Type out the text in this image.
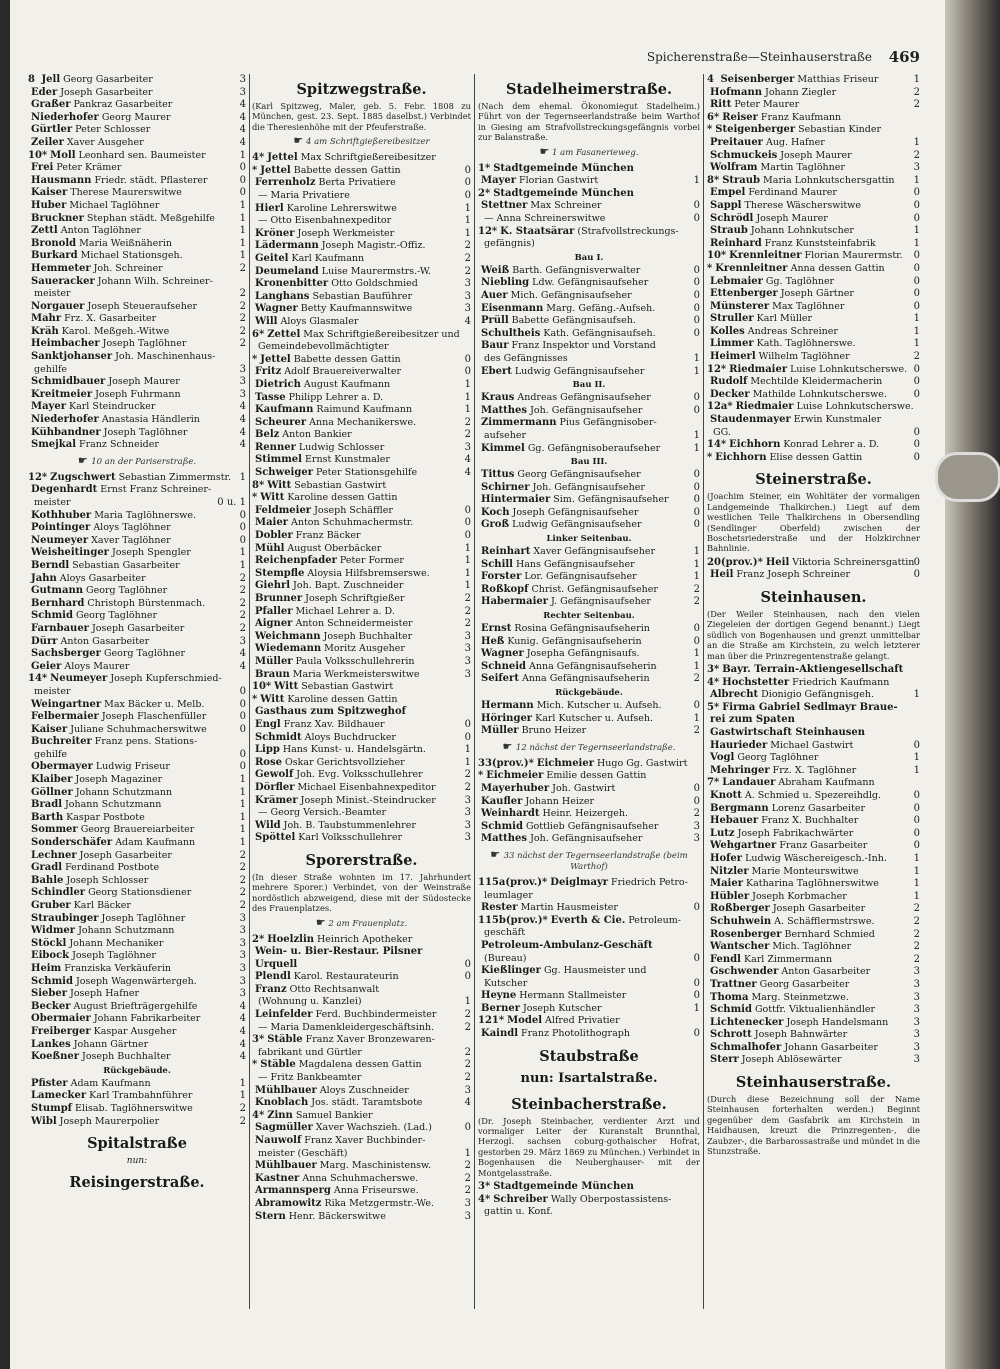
Spicherenstraße—Steinhauserstraße 469
8 Jell Georg Gasarbeiter	3
Eder Joseph Gasarbeiter	3
Graßer Pankraz Gasarbeiter	4
Niederhofer Georg Maurer	4
Gürtler Peter Schlosser	4
Zeiler Xaver Ausgeher	4
10* Moll Leonhard sen. Baumeister	1
Frei Peter Krämer	0
Hausmann Friedr. städt. Pflasterer	0
Kaiser Therese Maurerswitwe	0
Huber Michael Taglöhner	1
Bruckner Stephan städt. Meßgehilfe 1
Zettl Anton Taglöhner	1
Bronold Maria Weißnäherin	1
Burkard Michael Stationsgeh.	1
Hemmeter Joh. Schreiner	2
Saueracker Johann Wilh. Schreiner-
meister	2
Norgauer Joseph Steueraufseher	2
Mahr Frz. X. Gasarbeiter	2
Kräh Karol. Meßgeh.-Witwe	2
Heimbacher Joseph Taglöhner	2
Sanktjohanser Joh. Maschinenhaus-
gehilfe	3
Schmidbauer Joseph Maurer	3
Kreitmeier Joseph Fuhrmann	3
Mayer Karl Steindrucker	4
Niederhofer Anastasia Händlerin	4
Kühbandner Joseph Taglöhner	4
Smejkal Franz Schneider	4
☛ 10 an der Pariserstraße.
12* Zugschwert Sebastian Zimmermstr. 1
Degenhardt Ernst Franz Schreiner-
meister	0 u. 1
Kothhuber Maria Taglöhnerswe.	0
Pointinger Aloys Taglöhner	0
Neumeyer Xaver Taglöhner	0
Weisheitinger Joseph Spengler	1
Berndl Sebastian Gasarbeiter	1
Jahn Aloys Gasarbeiter	2
Gutmann Georg Taglöhner	2
Bernhard Christoph Bürstenmach.	2
Schmid Georg Taglöhner	2
Farnbauer Joseph Gasarbeiter	2
Dürr Anton Gasarbeiter	3
Sachsberger Georg Taglöhner	4
Geier Aloys Maurer	4
14* Neumeyer Joseph Kupferschmied-
meister	0
Weingartner Max Bäcker u. Melb.	0
Felbermaier Joseph Flaschenfüller	0
Kaiser Juliane Schuhmacherswitwe	0
Buchreiter Franz pens. Stations-
gehilfe	0
Obermayer Ludwig Friseur	0
Klaiber Joseph Magaziner	1
Göllner Johann Schutzmann	1
Bradl Johann Schutzmann	1
Barth Kaspar Postbote	1
Sommer Georg Brauereiarbeiter	1
Sonderschäfer Adam Kaufmann	1
Lechner Joseph Gasarbeiter	2
Gradl Ferdinand Postbote	2
Bahle Joseph Schlosser	2
Schindler Georg Stationsdiener	2
Gruber Karl Bäcker	2
Straubinger Joseph Taglöhner	3
Widmer Johann Schutzmann	3
Stöckl Johann Mechaniker	3
Eibock Joseph Taglöhner	3
Heim Franziska Verkäuferin	3
Schmid Joseph Wagenwärtergeh.	3
Sieber Joseph Hafner	3
Becker August Briefträgergehilfe	4
Obermaier Johann Fabrikarbeiter	4
Freiberger Kaspar Ausgeher	4
Lankes Johann Gärtner	4
Koeßner Joseph Buchhalter	4
Rückgebäude.
Pfister Adam Kaufmann	1
Lamecker Karl Trambahnführer	1
Stumpf Elisab. Taglöhnerswitwe	2
Wibl Joseph Maurerpolier	2
Spitalstraße
nun:
Reisingerstraße.
Spitzwegstraße.
(Karl Spitzweg, Maler, geb. 5. Febr. 1808 zu München, gest. 23. Sept. 1885 daselbst.) Verbindet die Theresienhöhe mit der Pfeuferstraße.
☛ 4 am Schriftgießereibesitzer
4* Jettel Max Schriftgießereibesitzer
* Jettel Babette dessen Gattin	0
Ferrenholz Berta Privatiere	0
— Maria Privatiere	0
Hierl Karoline Lehrerswitwe	1
— Otto Eisenbahnexpeditor	1
Kröner Joseph Werkmeister	1
Lädermann Joseph Magistr.-Offiz.	2
Geitel Karl Kaufmann	2
Deumeland Luise Maurermstrs.-W.	2
Kronenbitter Otto Goldschmied	3
Langhans Sebastian Bauführer	3
Wagner Betty Kaufmannswitwe	3
Will Aloys Glasmaler	4
6* Zettel Max Schriftgießereibesitzer und
Gemeindebevollmächtigter
* Jettel Babette dessen Gattin	0
Fritz Adolf Brauereiverwalter	0
Dietrich August Kaufmann	1
Tasse Philipp Lehrer a. D.	1
Kaufmann Raimund Kaufmann	1
Scheurer Anna Mechanikerswe.	2
Belz Anton Bankier	2
Renner Ludwig Schlosser	3
Stimmel Ernst Kunstmaler	4
Schweiger Peter Stationsgehilfe	4
8* Witt Sebastian Gastwirt
* Witt Karoline dessen Gattin
Feldmeier Joseph Schäffler	0
Maier Anton Schuhmachermstr.	0
Dobler Franz Bäcker	0
Mühl August Oberbäcker	1
Reichenpfader Peter Former	1
Stempfle Aloysia Hilfsbremserswe.	1
Giehrl Joh. Bapt. Zuschneider	1
Brunner Joseph Schriftgießer	2
Pfaller Michael Lehrer a. D.	2
Aigner Anton Schneidermeister	2
Weichmann Joseph Buchhalter	3
Wiedemann Moritz Ausgeher	3
Müller Paula Volksschullehrerin	3
Braun Maria Werkmeisterswitwe	3
10* Witt Sebastian Gastwirt
* Witt Karoline dessen Gattin
Gasthaus zum Spitzweghof
Engl Franz Xav. Bildhauer	0
Schmidt Aloys Buchdrucker	0
Lipp Hans Kunst- u. Handelsgärtn.	1
Rose Oskar Gerichtsvollzieher	1
Gewolf Joh. Evg. Volksschullehrer	2
Dörfler Michael Eisenbahnexpeditor	2
Krämer Joseph Minist.-Steindrucker	3
— Georg Versich.-Beamter	3
Wild Joh. B. Taubstummenlehrer	3
Spöttel Karl Volksschullehrer	3
Sporerstraße.
(In dieser Straße wohnten im 17. Jahrhundert mehrere Sporer.) Verbindet, von der Weinstraße nordöstlich abzweigend, diese mit der Südostecke des Frauenplatzes.
☛ 2 am Frauenplatz.
2* Hoelzlin Heinrich Apotheker
Wein- u. Bier-Restaur. Pilsner
Urquell	0
Plendl Karol. Restaurateurin	0
Franz Otto Rechtsanwalt
(Wohnung u. Kanzlei)	1
Leinfelder Ferd. Buchbindermeister	2
— Maria Damenkleidergeschäftsinh.	2
3* Stäble Franz Xaver Bronzewaren-
fabrikant und Gürtler	2
* Stäble Magdalena dessen Gattin	2
— Fritz Bankbeamter	2
Mühlbauer Aloys Zuschneider	3
Knoblach Jos. städt. Taramtsbote	4
4* Zinn Samuel Bankier
Sagmüller Xaver Wachszieh. (Lad.)	0
Nauwolf Franz Xaver Buchbinder-
meister (Geschäft)	1
Mühlbauer Marg. Maschinistensw.	2
Kastner Anna Schuhmacherswe.	2
Armannsperg Anna Friseurswe.	2
Abramowitz Rika Metzgermstr.-We.	3
Stern Henr. Bäckerswitwe	3
Stadelheimerstraße.
(Nach dem ehemal. Ökonomiegut Stadelheim.) Führt von der Tegernseerlandstraße beim Warthof in Giesing am Strafvollstreckungsgefängnis vorbei zur Balanstraße.
☛ 1 am Fasanerieweg.
1* Stadtgemeinde München
Mayer Florian Gastwirt	1
2* Stadtgemeinde München
Stettner Max Schreiner	0
— Anna Schreinerswitwe	0
12* K. Staatsärar (Strafvollstreckungs-
gefängnis)
Bau I.
Weiß Barth. Gefängnisverwalter	0
Niebling Ldw. Gefängnisaufseher	0
Auer Mich. Gefängnisaufseher	0
Eisenmann Marg. Gefäng.-Aufseh.	0
Prüll Babette Gefängnisaufseh.	0
Schultheis Kath. Gefängnisaufseh.	0
Baur Franz Inspektor und Vorstand
des Gefängnisses	1
Ebert Ludwig Gefängnisaufseher	1
Bau II.
Kraus Andreas Gefängnisaufseher	0
Matthes Joh. Gefängnisaufseher	0
Zimmermann Pius Gefängnisober-
aufseher	1
Kimmel Gg. Gefängnisoberaufseher	1
Bau III.
Tittus Georg Gefängnisaufseher	0
Schirner Joh. Gefängnisaufseher	0
Hintermaier Sim. Gefängnisaufseher	0
Koch Joseph Gefängnisaufseher	0
Groß Ludwig Gefängnisaufseher	0
Linker Seitenbau.
Reinhart Xaver Gefängnisaufseher	1
Schill Hans Gefängnisaufseher	1
Forster Lor. Gefängnisaufseher	1
Roßkopf Christ. Gefängnisaufseher	2
Habermaier J. Gefängnisaufseher	2
Rechter Seitenbau.
Ernst Rosina Gefängnisaufseherin	0
Heß Kunig. Gefängnisaufseherin	0
Wagner Josepha Gefängnisaufs.	1
Schneid Anna Gefängnisaufseherin	1
Seifert Anna Gefängnisaufseherin	2
Rückgebäude.
Hermann Mich. Kutscher u. Aufseh.	0
Höringer Karl Kutscher u. Aufseh.	1
Müller Bruno Heizer	2
☛ 12 nächst der Tegernseerlandstraße.
33(prov.)* Eichmeier Hugo Gg. Gastwirt
* Eichmeier Emilie dessen Gattin
Mayerhuber Joh. Gastwirt	0
Kaufler Johann Heizer	0
Weinhardt Heinr. Heizergeh.	2
Schmid Gottlieb Gefängnisaufseher	3
Matthes Joh. Gefängnisaufseher	3
☛ 33 nächst der Tegernseerlandstraße (beim Warthof)
115a(prov.)* Deiglmayr Friedrich Petro-
leumlager
Rester Martin Hausmeister	0
115b(prov.)* Everth & Cie. Petroleum-
geschäft
Petroleum-Ambulanz-Geschäft
(Bureau)	0
Kießlinger Gg. Hausmeister und
Kutscher	0
Heyne Hermann Stallmeister	0
Berner Joseph Kutscher	1
121* Model Alfred Privatier
Kaindl Franz Photolithograph	0
Staubstraße
nun: Isartalstraße.
Steinbacherstraße.
(Dr. Joseph Steinbacher, verdienter Arzt und vormaliger Leiter der Kuranstalt Brunnthal, Herzogl. sachsen coburg-gothaischer Hofrat, gestorben 29. März 1869 zu München.) Verbindet in Bogenhausen die Neuberghauser- mit der Montgelasstraße.
3* Stadtgemeinde München
4* Schreiber Wally Oberpostassistens-
gattin u. Konf.
4 Seisenberger Matthias Friseur	1
Hofmann Johann Ziegler	2
Ritt Peter Maurer	2
6* Reiser Franz Kaufmann
* Steigenberger Sebastian Kinder
Preitauer Aug. Hafner	1
Schmuckeis Joseph Maurer	2
Wolfram Martin Taglöhner	3
8* Straub Maria Lohnkutschersgattin 1
Empel Ferdinand Maurer	0
Sappl Therese Wäscherswitwe	0
Schrödl Joseph Maurer	0
Straub Johann Lohnkutscher	1
Reinhard Franz Kunststeinfabrik	1
10* Krennleitner Florian Maurermstr. 0
* Krennleitner Anna dessen Gattin	0
Lebmaier Gg. Taglöhner	0
Ettenberger Joseph Gärtner	0
Münsterer Max Taglöhner	0
Struller Karl Müller	1
Kolles Andreas Schreiner	1
Limmer Kath. Taglöhnerswe.	1
Heimerl Wilhelm Taglöhner	2
12* Riedmaier Luise Lohnkutscherswe. 0
Rudolf Mechtilde Kleidermacherin	0
Decker Mathilde Lohnkutscherswe.	0
12a* Riedmaier Luise Lohnkutscherswe.
Staudenmayer Erwin Kunstmaler
GG.	0
14* Eichhorn Konrad Lehrer a. D.	0
* Eichhorn Elise dessen Gattin	0
Steinerstraße.
(Joachim Steiner, ein Wohltäter der vormaligen Landgemeinde Thalkirchen.) Liegt auf dem westlichen Teile Thalkirchens in Obersendling (Sendlinger Oberfeld) zwischen der Boschetsriederstraße und der Holzkirchner Bahnlinie.
20(prov.)* Heil Viktoria Schreinersgattin 0
Heil Franz Joseph Schreiner	0
Steinhausen.
(Der Weiler Steinhausen, nach den vielen Ziegeleien der dortigen Gegend benannt.) Liegt südlich von Bogenhausen und grenzt unmittelbar an die Straße am Kirchstein, zu welch letzterer man über die Prinzregentenstraße gelangt.
3* Bayr. Terrain-Aktiengesellschaft
4* Hochstetter Friedrich Kaufmann
Albrecht Dionigio Gefängnisgeh.	1
5* Firma Gabriel Sedlmayr Braue-
rei zum Spaten
Gastwirtschaft Steinhausen
Haurieder Michael Gastwirt	0
Vogl Georg Taglöhner	1
Mehringer Frz. X. Taglöhner	1
7* Landauer Abraham Kaufmann
Knott A. Schmied u. Spezereihdlg.	0
Bergmann Lorenz Gasarbeiter	0
Hebauer Franz X. Buchhalter	0
Lutz Joseph Fabrikachwärter	0
Wehgartner Franz Gasarbeiter	0
Hofer Ludwig Wäschereigesch.-Inh.	1
Nitzler Marie Monteurswitwe	1
Maier Katharina Taglöhnerswitwe	1
Hübler Joseph Korbmacher	1
Roßberger Joseph Gasarbeiter	2
Schuhwein A. Schäfflermstrswe.	2
Rosenberger Bernhard Schmied	2
Wantscher Mich. Taglöhner	2
Fendl Karl Zimmermann	2
Gschwender Anton Gasarbeiter	3
Trattner Georg Gasarbeiter	3
Thoma Marg. Steinmetzwe.	3
Schmid Gottfr. Viktualienhändler	3
Lichtenecker Joseph Handelsmann	3
Schrott Joseph Bahnwärter	3
Schmalhofer Johann Gasarbeiter	3
Sterr Joseph Ablösewärter	3
Steinhauserstraße.
(Durch diese Bezeichnung soll der Name Steinhausen forterhalten werden.) Beginnt gegenüber dem Gasfabrik am Kirchstein in Haidhausen, kreuzt die Prinzregenten-, die Zaubzer-, die Barbarossastraße und mündet in die Stunzstraße.
